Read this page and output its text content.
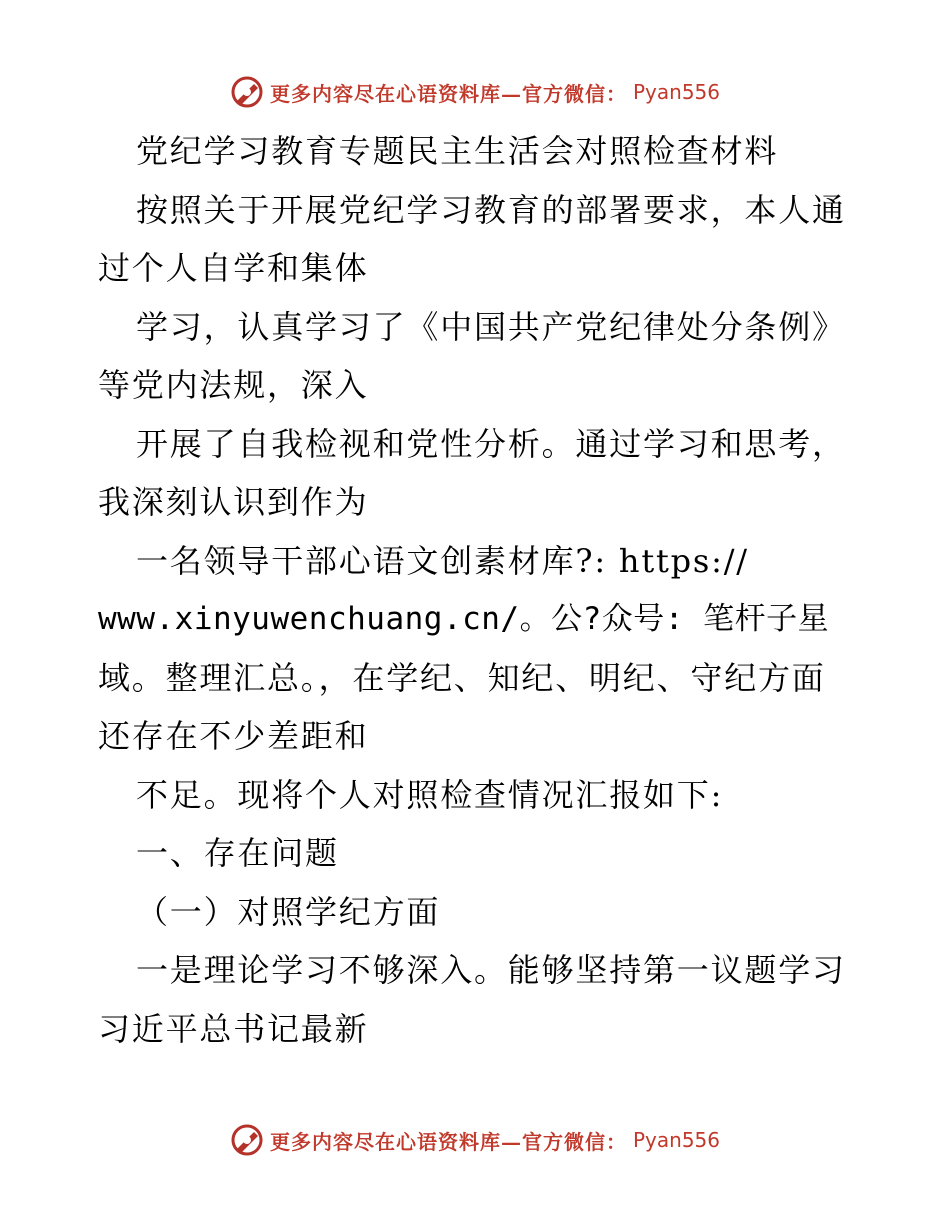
更多内容尽在心语资料库—官方微信： Pyan556
党纪学习教育专题民主生活会对照检查材料
按照关于开展党纪学习教育的部署要求，本人通
过个人自学和集体
学习，认真学习了《中国共产党纪律处分条例》
等党内法规，深入
开展了自我检视和党性分析。通过学习和思考，
我深刻认识到作为
一名领导干部心语文创素材库?: https://
www.xinyuwenchuang.cn/。公?众号: 笔杆子星
域。整理汇总。，在学纪、知纪、明纪、守纪方面
还存在不少差距和
不足。现将个人对照检查情况汇报如下:
一、存在问题
（一）对照学纪方面
一是理论学习不够深入。能够坚持第一议题学习
习近平总书记最新
更多内容尽在心语资料库—官方微信： Pyan556
